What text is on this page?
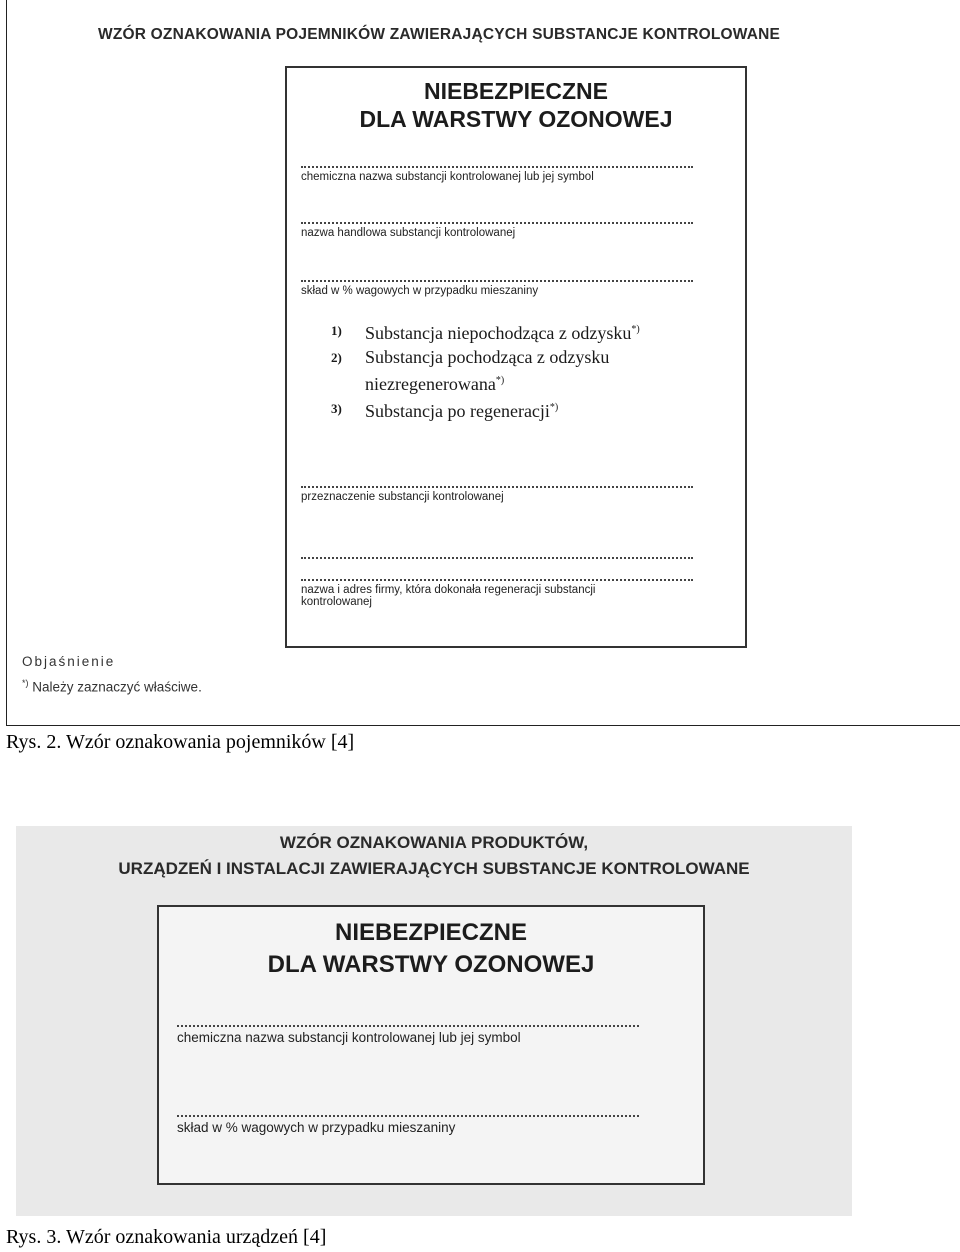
WZÓR OZNAKOWANIA POJEMNIKÓW ZAWIERAJĄCYCH SUBSTANCJE KONTROLOWANE
NIEBEZPIECZNE
DLA WARSTWY OZONOWEJ
chemiczna nazwa substancji kontrolowanej lub jej symbol
nazwa handlowa substancji kontrolowanej
skład w % wagowych w przypadku mieszaniny
1) Substancja niepochodząca z odzysku*)
2) Substancja pochodząca z odzysku
niezregenerowana*)
3) Substancja po regeneracji*)
przeznaczenie substancji kontrolowanej
nazwa i adres firmy, która dokonała regeneracji substancji
kontrolowanej
Objaśnienie
*) Należy zaznaczyć właściwe.
Rys. 2. Wzór oznakowania pojemników [4]
WZÓR OZNAKOWANIA PRODUKTÓW,
URZĄDZEŃ I INSTALACJI ZAWIERAJĄCYCH SUBSTANCJE KONTROLOWANE
NIEBEZPIECZNE
DLA WARSTWY OZONOWEJ
chemiczna nazwa substancji kontrolowanej lub jej symbol
skład w % wagowych w przypadku mieszaniny
Rys. 3. Wzór oznakowania urządzeń [4]
